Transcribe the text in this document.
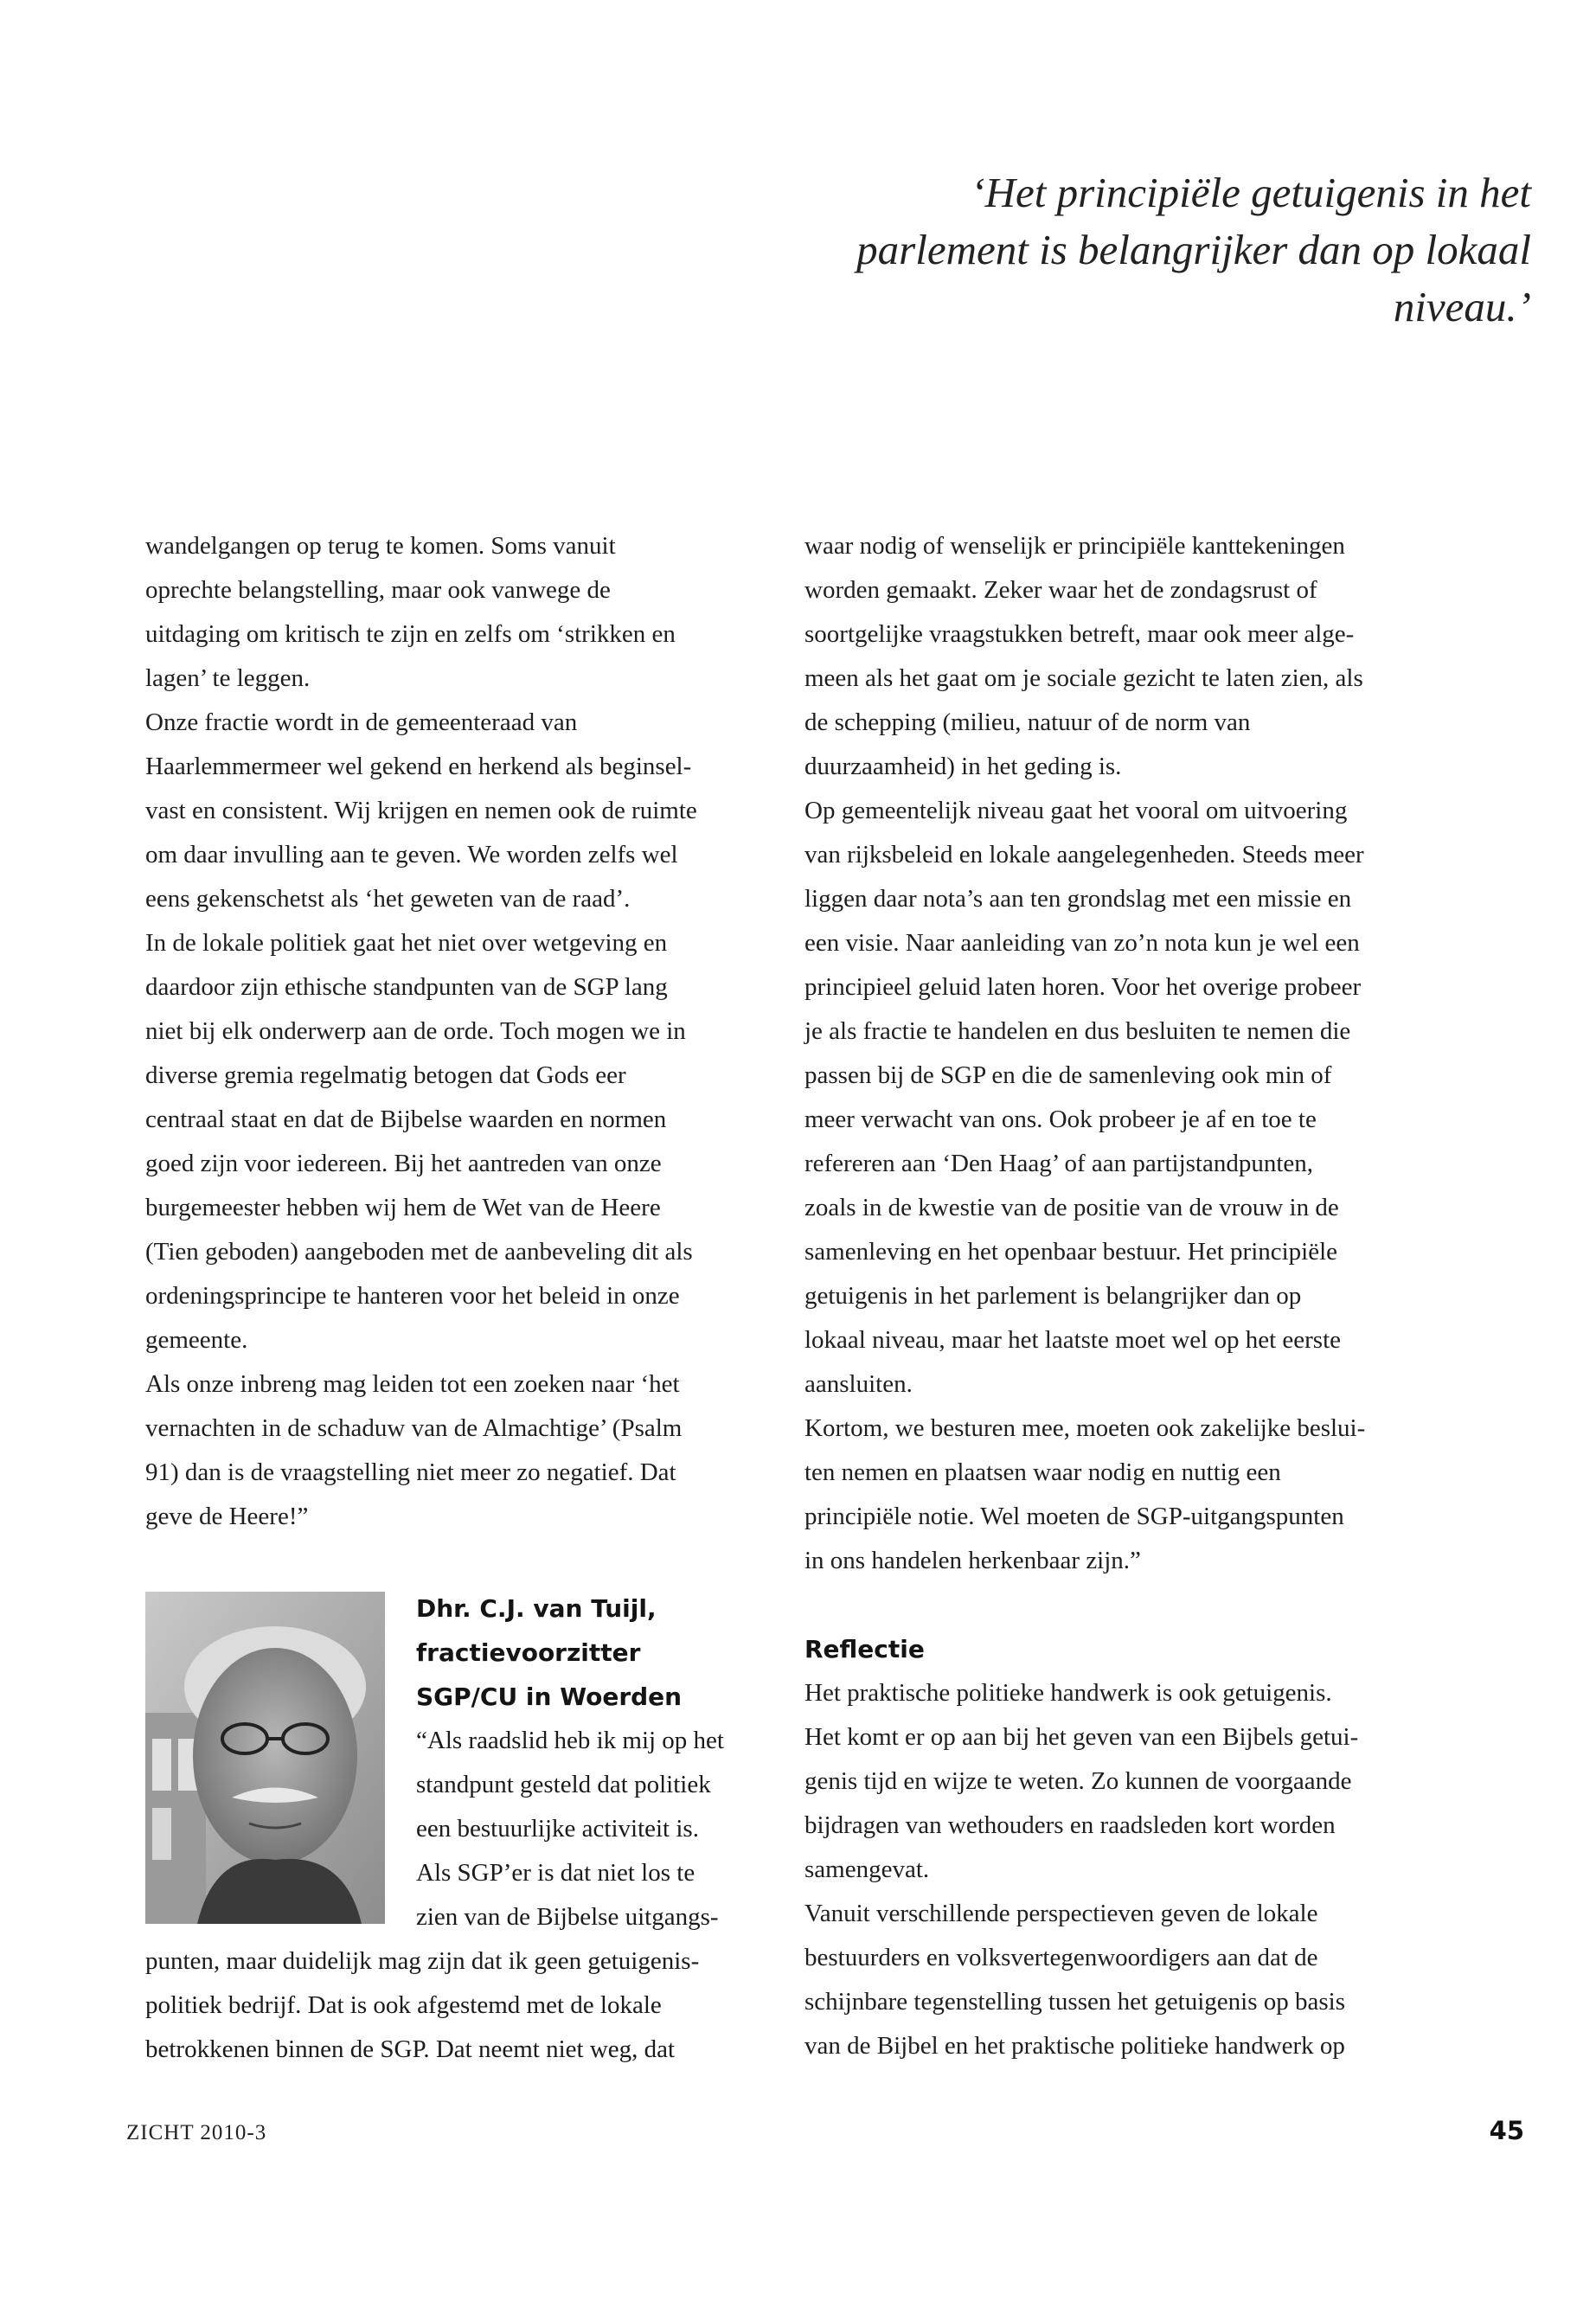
‘Het principiële getuigenis in het
parlement is belangrijker dan op lokaal
niveau.’
wandelgangen op terug te komen. Soms vanuit
oprechte belangstelling, maar ook vanwege de
uitdaging om kritisch te zijn en zelfs om ‘strikken en
lagen’ te leggen.
Onze fractie wordt in de gemeenteraad van
Haarlemmermeer wel gekend en herkend als beginsel-
vast en consistent. Wij krijgen en nemen ook de ruimte
om daar invulling aan te geven. We worden zelfs wel
eens gekenschetst als ‘het geweten van de raad’.
In de lokale politiek gaat het niet over wetgeving en
daardoor zijn ethische standpunten van de SGP lang
niet bij elk onderwerp aan de orde. Toch mogen we in
diverse gremia regelmatig betogen dat Gods eer
centraal staat en dat de Bijbelse waarden en normen
goed zijn voor iedereen. Bij het aantreden van onze
burgemeester hebben wij hem de Wet van de Heere
(Tien geboden) aangeboden met de aanbeveling dit als
ordeningsprincipe te hanteren voor het beleid in onze
gemeente.
Als onze inbreng mag leiden tot een zoeken naar ‘het
vernachten in de schaduw van de Almachtige’ (Psalm
91) dan is de vraagstelling niet meer zo negatief. Dat
geve de Heere!”
Dhr. C.J. van Tuijl,
fractievoorzitter
SGP/CU in Woerden
“Als raadslid heb ik mij op het
standpunt gesteld dat politiek
een bestuurlijke activiteit is.
Als SGP’er is dat niet los te
zien van de Bijbelse uitgangs-
punten, maar duidelijk mag zijn dat ik geen getuigenis-
politiek bedrijf. Dat is ook afgestemd met de lokale
betrokkenen binnen de SGP. Dat neemt niet weg, dat
waar nodig of wenselijk er principiële kanttekeningen
worden gemaakt. Zeker waar het de zondagsrust of
soortgelijke vraagstukken betreft, maar ook meer alge-
meen als het gaat om je sociale gezicht te laten zien, als
de schepping (milieu, natuur of de norm van
duurzaamheid) in het geding is.
Op gemeentelijk niveau gaat het vooral om uitvoering
van rijksbeleid en lokale aangelegenheden. Steeds meer
liggen daar nota’s aan ten grondslag met een missie en
een visie. Naar aanleiding van zo’n nota kun je wel een
principieel geluid laten horen. Voor het overige probeer
je als fractie te handelen en dus besluiten te nemen die
passen bij de SGP en die de samenleving ook min of
meer verwacht van ons. Ook probeer je af en toe te
refereren aan ‘Den Haag’ of aan partijstandpunten,
zoals in de kwestie van de positie van de vrouw in de
samenleving en het openbaar bestuur. Het principiële
getuigenis in het parlement is belangrijker dan op
lokaal niveau, maar het laatste moet wel op het eerste
aansluiten.
Kortom, we besturen mee, moeten ook zakelijke beslui-
ten nemen en plaatsen waar nodig en nuttig een
principiële notie. Wel moeten de SGP-uitgangspunten
in ons handelen herkenbaar zijn.”
Reflectie
Het praktische politieke handwerk is ook getuigenis.
Het komt er op aan bij het geven van een Bijbels getui-
genis tijd en wijze te weten. Zo kunnen de voorgaande
bijdragen van wethouders en raadsleden kort worden
samengevat.
Vanuit verschillende perspectieven geven de lokale
bestuurders en volksvertegenwoordigers aan dat de
schijnbare tegenstelling tussen het getuigenis op basis
van de Bijbel en het praktische politieke handwerk op
ZICHT 2010-3	45
